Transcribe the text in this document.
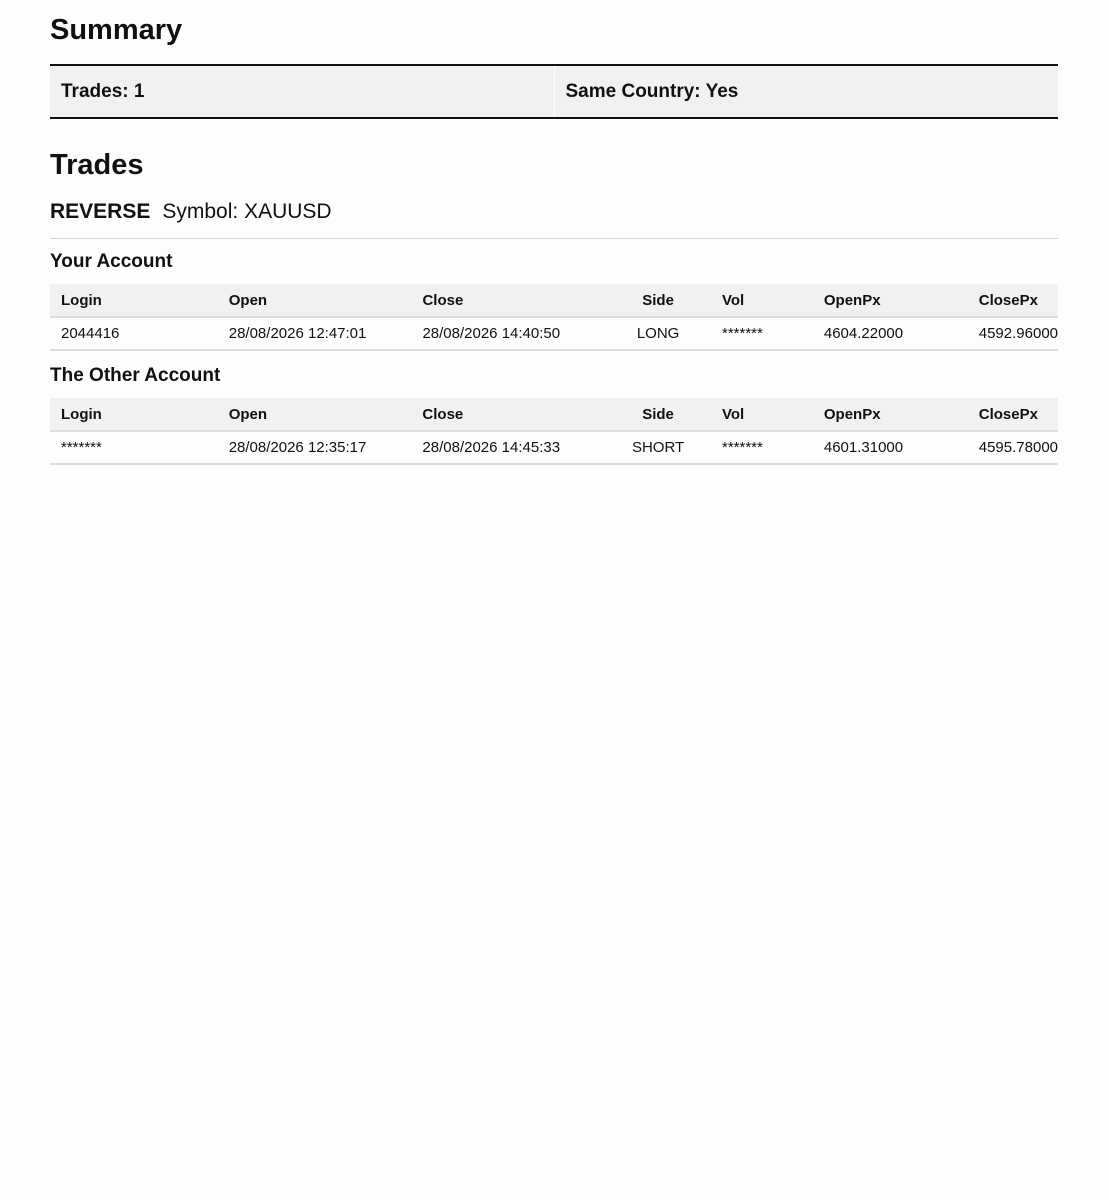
Summary
Trades: 1	Same Country: Yes
Trades
REVERSE Symbol: XAUUSD
Your Account
Login	Open	Close	Side	Vol	OpenPx	ClosePx
2044416	28/08/2026 12:47:01	28/08/2026 14:40:50	LONG	*******	4604.22000	4592.96000
The Other Account
Login	Open	Close	Side	Vol	OpenPx	ClosePx
*******	28/08/2026 12:35:17	28/08/2026 14:45:33	SHORT	*******	4601.31000	4595.78000
